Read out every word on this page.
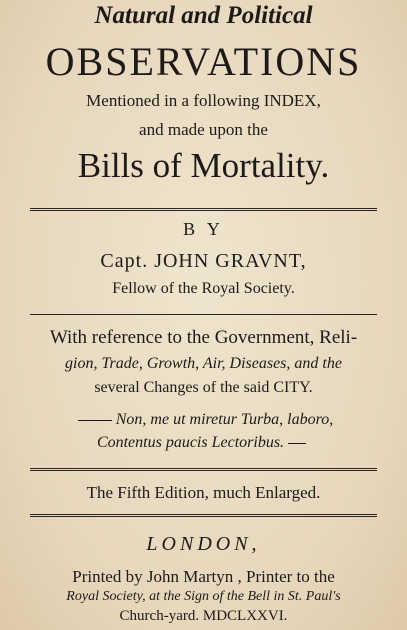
Natural and Political
OBSERVATIONS
Mentioned in a following INDEX,
and made upon the
Bills of Mortality.
B Y
Capt. JOHN GRAVNT,
Fellow of the Royal Society.
With reference to the Government, Reli-
gion, Trade, Growth, Air, Diseases, and the
several Changes of the said CITY.
Non, me ut miretur Turba, laboro,
Contentus paucis Lectoribus.
The Fifth Edition, much Enlarged.
LONDON,
Printed by John Martyn , Printer to the
Royal Society, at the Sign of the Bell in St. Paul's
Church-yard. MDCLXXVI.
